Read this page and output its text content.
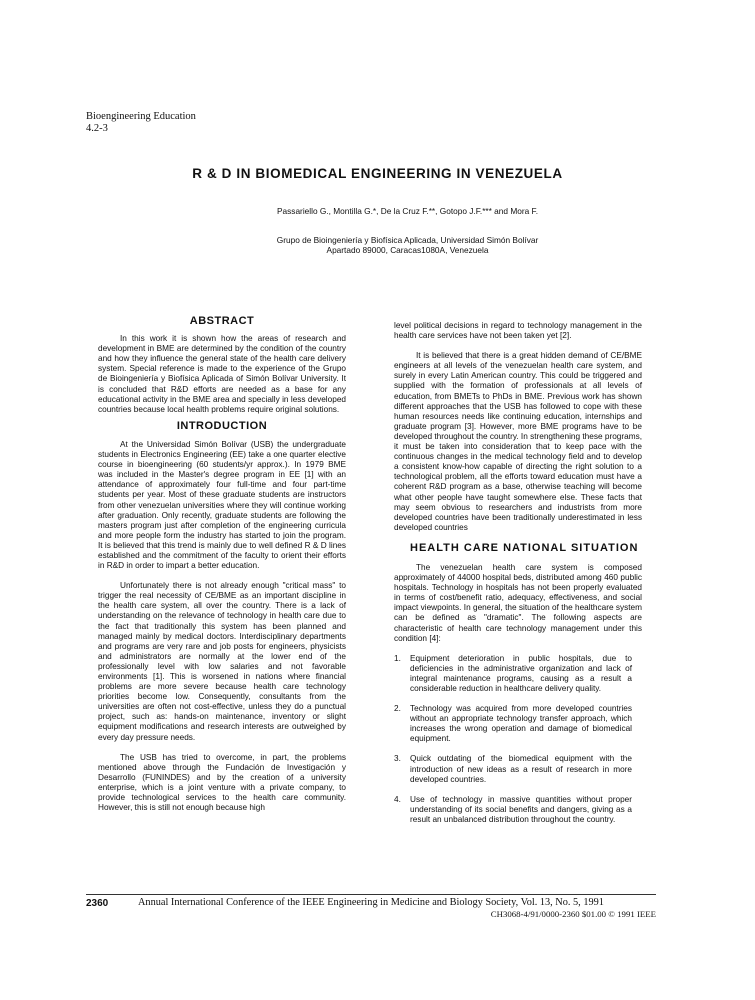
Bioengineering Education
4.2-3
R & D IN BIOMEDICAL ENGINEERING IN VENEZUELA
Passariello G., Montilla G.*, De la Cruz F.**, Gotopo J.F.*** and Mora F.
Grupo de Bioingeniería y Biofísica Aplicada, Universidad Simón Bolívar
Apartado 89000, Caracas1080A, Venezuela
ABSTRACT

In this work it is shown how the areas of research and development in BME are determined by the condition of the country and how they influence the general state of the health care delivery system. Special reference is made to the experience of the Grupo de Bioingeniería y Biofísica Aplicada of Simón Bolívar University. It is concluded that R&D efforts are needed as a base for any educational activity in the BME area and specially in less developed countries because local health problems require original solutions.

INTRODUCTION

At the Universidad Simón Bolívar (USB) the undergraduate students in Electronics Engineering (EE) take a one quarter elective course in bioengineering (60 students/yr approx.). In 1979 BME was included in the Master's degree program in EE [1] with an attendance of approximately four full-time and four part-time students per year. Most of these graduate students are instructors from other venezuelan universities where they will continue working after graduation. Only recently, graduate students are following the masters program just after completion of the engineering curricula and more people form the industry has started to join the program. It is believed that this trend is mainly due to well defined R & D lines established and the commitment of the faculty to orient their efforts in R&D in order to impart a better education.

Unfortunately there is not already enough "critical mass" to trigger the real necessity of CE/BME as an important discipline in the health care system, all over the country. There is a lack of understanding on the relevance of technology in health care due to the fact that traditionally this system has been planned and managed mainly by medical doctors. Interdisciplinary departments and programs are very rare and job posts for engineers, physicists and administrators are normally at the lower end of the professionally level with low salaries and not favorable environments [1]. This is worsened in nations where financial problems are more severe because health care technology priorities become low. Consequently, consultants from the universities are often not cost-effective, unless they do a punctual project, such as: hands-on maintenance, inventory or slight equipment modifications and research interests are outweighed by every day pressure needs.

The USB has tried to overcome, in part, the problems mentioned above through the Fundación de Investigación y Desarrollo (FUNINDES) and by the creation of a university enterprise, which is a joint venture with a private company, to provide technological services to the health care community. However, this is still not enough because high

level political decisions in regard to technology management in the health care services have not been taken yet [2].

It is believed that there is a great hidden demand of CE/BME engineers at all levels of the venezuelan health care system, and surely in every Latin American country. This could be triggered and supplied with the formation of professionals at all levels of education, from BMETs to PhDs in BME. Previous work has shown different approaches that the USB has followed to cope with these human resources needs like continuing education, internships and graduate program [3]. However, more BME programs have to be developed throughout the country. In strengthening these programs, it must be taken into consideration that to keep pace with the continuous changes in the medical technology field and to develop a consistent know-how capable of directing the right solution to a technological problem, all the efforts toward education must have a coherent R&D program as a base, otherwise teaching will become what other people have taught somewhere else. These facts that may seem obvious to researchers and industrists from more developed countries have been traditionally underestimated in less developed countries

HEALTH CARE NATIONAL SITUATION

The venezuelan health care system is composed approximately of 44000 hospital beds, distributed among 460 public hospitals. Technology in hospitals has not been properly evaluated in terms of cost/benefit ratio, adequacy, effectiveness, and social impact viewpoints. In general, the situation of the healthcare system can be defined as "dramatic". The following aspects are characteristic of health care technology management under this condition [4]:

1. Equipment deterioration in public hospitals, due to deficiencies in the administrative organization and lack of integral maintenance programs, causing as a result a considerable reduction in healthcare delivery quality.
2. Technology was acquired from more developed countries without an appropriate technology transfer approach, which increases the wrong operation and damage of biomedical equipment.
3. Quick outdating of the biomedical equipment with the introduction of new ideas as a result of research in more developed countries.
4. Use of technology in massive quantities without proper understanding of its social benefits and dangers, giving as a result an unbalanced distribution throughout the country.
2360	Annual International Conference of the IEEE Engineering in Medicine and Biology Society, Vol. 13, No. 5, 1991
CH3068-4/91/0000-2360 $01.00 © 1991 IEEE
